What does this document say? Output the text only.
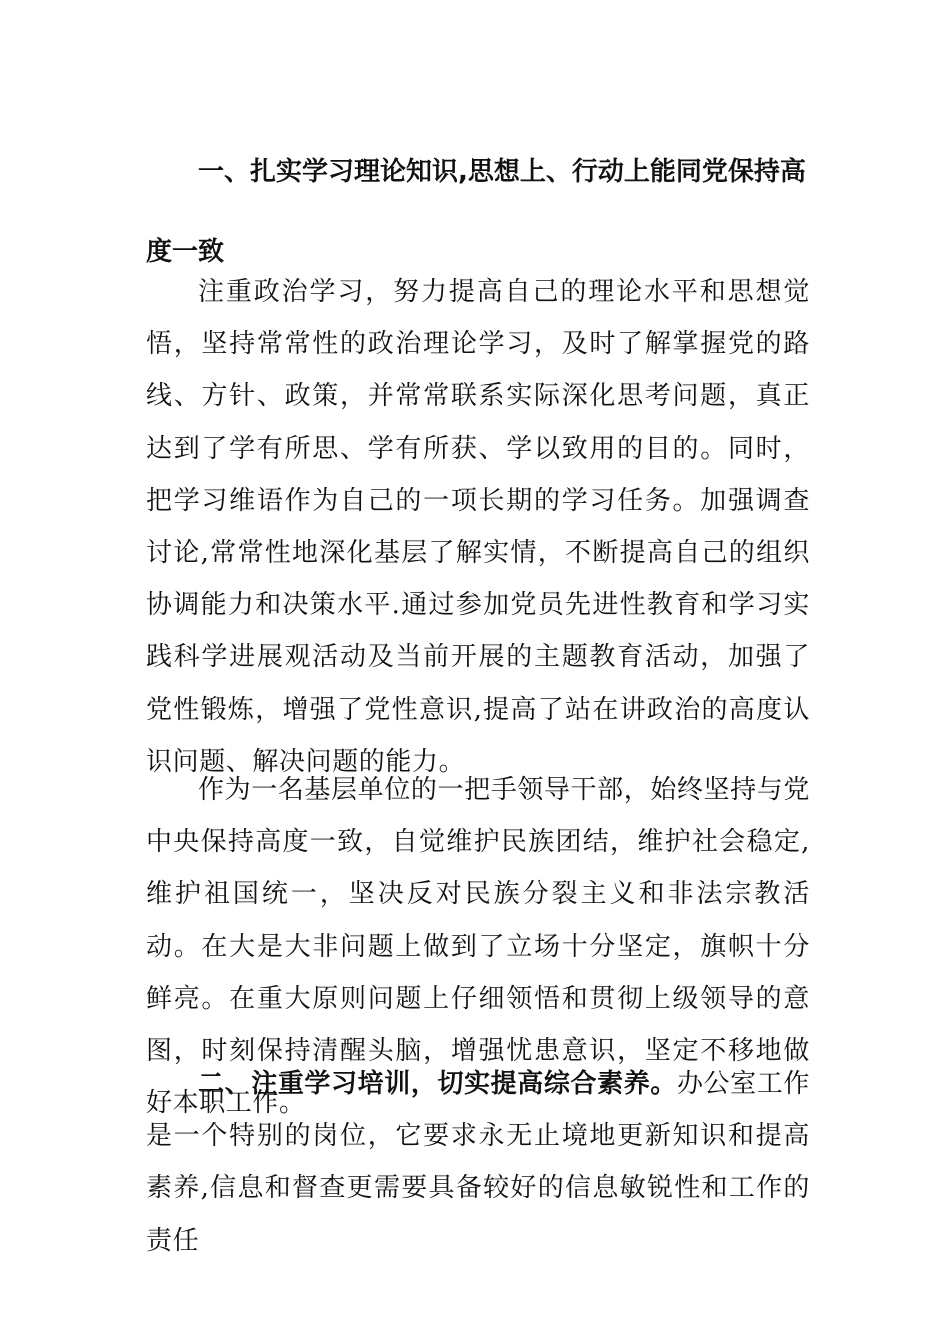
一、扎实学习理论知识,思想上、行动上能同党保持高度一致

注重政治学习，努力提高自己的理论水平和思想觉悟，坚持常常性的政治理论学习，及时了解掌握党的路线、方针、政策，并常常联系实际深化思考问题，真正达到了学有所思、学有所获、学以致用的目的。同时，把学习维语作为自己的一项长期的学习任务。加强调查讨论,常常性地深化基层了解实情，不断提高自己的组织协调能力和决策水平.通过参加党员先进性教育和学习实践科学进展观活动及当前开展的主题教育活动，加强了党性锻炼，增强了党性意识,提高了站在讲政治的高度认识问题、解决问题的能力。

作为一名基层单位的一把手领导干部，始终坚持与党中央保持高度一致，自觉维护民族团结，维护社会稳定,维护祖国统一，坚决反对民族分裂主义和非法宗教活动。在大是大非问题上做到了立场十分坚定，旗帜十分鲜亮。在重大原则问题上仔细领悟和贯彻上级领导的意图，时刻保持清醒头脑，增强忧患意识，坚定不移地做好本职工作。

二、注重学习培训，切实提高综合素养。办公室工作是一个特别的岗位，它要求永无止境地更新知识和提高素养,信息和督查更需要具备较好的信息敏锐性和工作的责任
